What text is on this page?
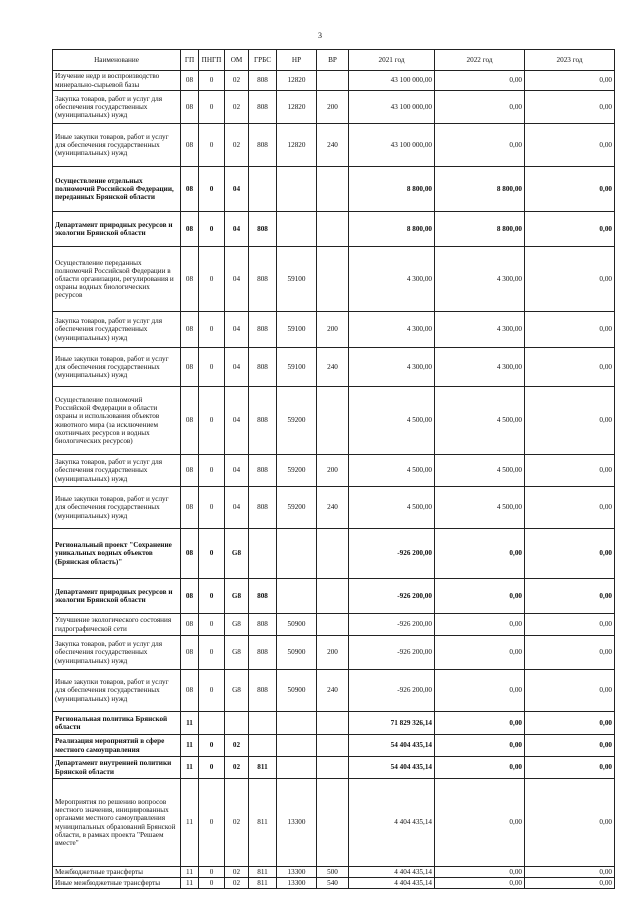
3
Наименование	ГП	ПНГП	ОМ	ГРБС	НР	ВР	2021 год	2022 год	2023 год
Изучение недр и воспроизводство минерально-сырьевой базы	08	0	02	808	12820		43 100 000,00	0,00	0,00
Закупка товаров, работ и услуг для обеспечения государственных (муниципальных) нужд	08	0	02	808	12820	200	43 100 000,00	0,00	0,00
Иные закупки товаров, работ и услуг для обеспечения государственных (муниципальных) нужд	08	0	02	808	12820	240	43 100 000,00	0,00	0,00
Осуществление отдельных полномочий Российской Федерации, переданных Брянской области	08	0	04				8 800,00	8 800,00	0,00
Департамент природных ресурсов и экологии Брянской области	08	0	04	808			8 800,00	8 800,00	0,00
Осуществление переданных полномочий Российской Федерации в области организации, регулирования и охраны водных биологических ресурсов	08	0	04	808	59100		4 300,00	4 300,00	0,00
Закупка товаров, работ и услуг для обеспечения государственных (муниципальных) нужд	08	0	04	808	59100	200	4 300,00	4 300,00	0,00
Иные закупки товаров, работ и услуг для обеспечения государственных (муниципальных) нужд	08	0	04	808	59100	240	4 300,00	4 300,00	0,00
Осуществление полномочий Российской Федерации в области охраны и использования объектов животного мира (за исключением охотничьих ресурсов и водных биологических ресурсов)	08	0	04	808	59200		4 500,00	4 500,00	0,00
Закупка товаров, работ и услуг для обеспечения государственных (муниципальных) нужд	08	0	04	808	59200	200	4 500,00	4 500,00	0,00
Иные закупки товаров, работ и услуг для обеспечения государственных (муниципальных) нужд	08	0	04	808	59200	240	4 500,00	4 500,00	0,00
Региональный проект "Сохранение уникальных водных объектов (Брянская область)"	08	0	G8				-926 200,00	0,00	0,00
Департамент природных ресурсов и экологии Брянской области	08	0	G8	808			-926 200,00	0,00	0,00
Улучшение экологического состояния гидрографической сети	08	0	G8	808	50900		-926 200,00	0,00	0,00
Закупка товаров, работ и услуг для обеспечения государственных (муниципальных) нужд	08	0	G8	808	50900	200	-926 200,00	0,00	0,00
Иные закупки товаров, работ и услуг для обеспечения государственных (муниципальных) нужд	08	0	G8	808	50900	240	-926 200,00	0,00	0,00
Региональная политика Брянской области	11						71 829 326,14	0,00	0,00
Реализация мероприятий в сфере местного самоуправления	11	0	02				54 404 435,14	0,00	0,00
Департамент внутренней политики Брянской области	11	0	02	811			54 404 435,14	0,00	0,00
Мероприятия по решению вопросов местного значения, инициированных органами местного самоуправления муниципальных образований Брянской области, в рамках проекта "Решаем вместе"	11	0	02	811	13300		4 404 435,14	0,00	0,00
Межбюджетные трансферты	11	0	02	811	13300	500	4 404 435,14	0,00	0,00
Иные межбюджетные трансферты	11	0	02	811	13300	540	4 404 435,14	0,00	0,00
